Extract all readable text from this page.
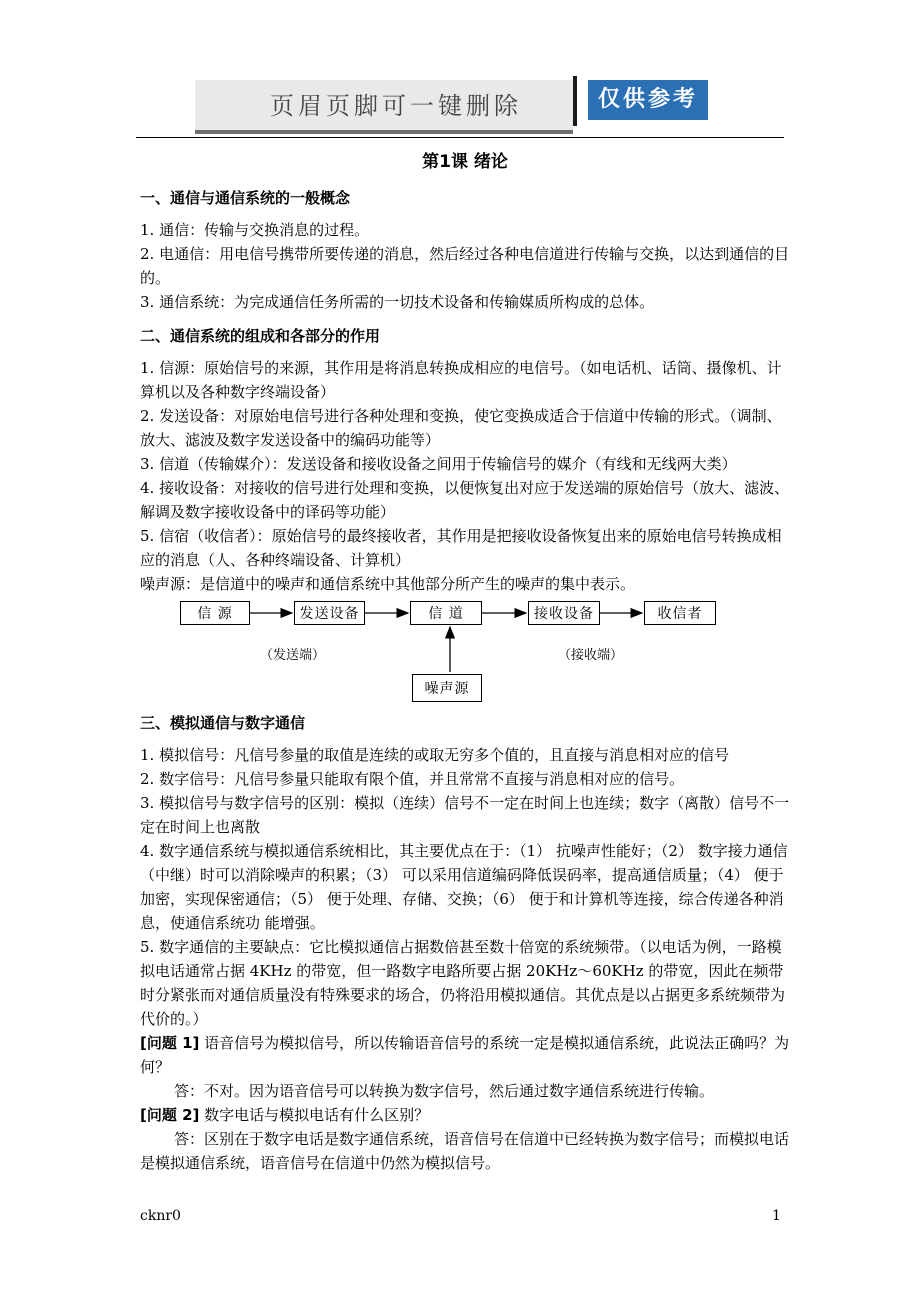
页眉页脚可一键删除	仅供参考
第1课 绪论
一、通信与通信系统的一般概念

1. 通信：传输与交换消息的过程。

2. 电通信：用电信号携带所要传递的消息，然后经过各种电信道进行传输与交换，以达到通信的目的。

3. 通信系统：为完成通信任务所需的一切技术设备和传输媒质所构成的总体。

二、通信系统的组成和各部分的作用

1. 信源：原始信号的来源，其作用是将消息转换成相应的电信号。（如电话机、话筒、摄像机、计算机以及各种数字终端设备）

2. 发送设备：对原始电信号进行各种处理和变换，使它变换成适合于信道中传输的形式。（调制、放大、滤波及数字发送设备中的编码功能等）

3. 信道（传输媒介）：发送设备和接收设备之间用于传输信号的媒介（有线和无线两大类）

4. 接收设备：对接收的信号进行处理和变换，以便恢复出对应于发送端的原始信号（放大、滤波、解调及数字接收设备中的译码等功能）

5. 信宿（收信者）：原始信号的最终接收者，其作用是把接收设备恢复出来的原始电信号转换成相应的消息（人、各种终端设备、计算机）

噪声源：是信道中的噪声和通信系统中其他部分所产生的噪声的集中表示。

信 源	发送设备	信 道	接收设备	收信者
噪声源
（发送端）	（接收端）
三、模拟通信与数字通信

1. 模拟信号：凡信号参量的取值是连续的或取无穷多个值的，且直接与消息相对应的信号

2. 数字信号：凡信号参量只能取有限个值，并且常常不直接与消息相对应的信号。

3. 模拟信号与数字信号的区别：模拟（连续）信号不一定在时间上也连续；数字（离散）信号不一定在时间上也离散

4. 数字通信系统与模拟通信系统相比，其主要优点在于：（1） 抗噪声性能好；（2） 数字接力通信（中继）时可以消除噪声的积累；（3） 可以采用信道编码降低误码率，提高通信质量；（4） 便于加密，实现保密通信；（5） 便于处理、存储、交换；（6） 便于和计算机等连接，综合传递各种消息，使通信系统功 能增强。

5. 数字通信的主要缺点：它比模拟通信占据数倍甚至数十倍宽的系统频带。（以电话为例，一路模拟电话通常占据 4KHz 的带宽，但一路数字电路所要占据 20KHz～60KHz 的带宽，因此在频带时分紧张而对通信质量没有特殊要求的场合，仍将沿用模拟通信。其优点是以占据更多系统频带为代价的。）

[问题 1] 语音信号为模拟信号，所以传输语音信号的系统一定是模拟通信系统，此说法正确吗？为何？

答：不对。因为语音信号可以转换为数字信号，然后通过数字通信系统进行传输。

[问题 2] 数字电话与模拟电话有什么区别？

答：区别在于数字电话是数字通信系统，语音信号在信道中已经转换为数字信号；而模拟电话是模拟通信系统，语音信号在信道中仍然为模拟信号。

cknr0	1
